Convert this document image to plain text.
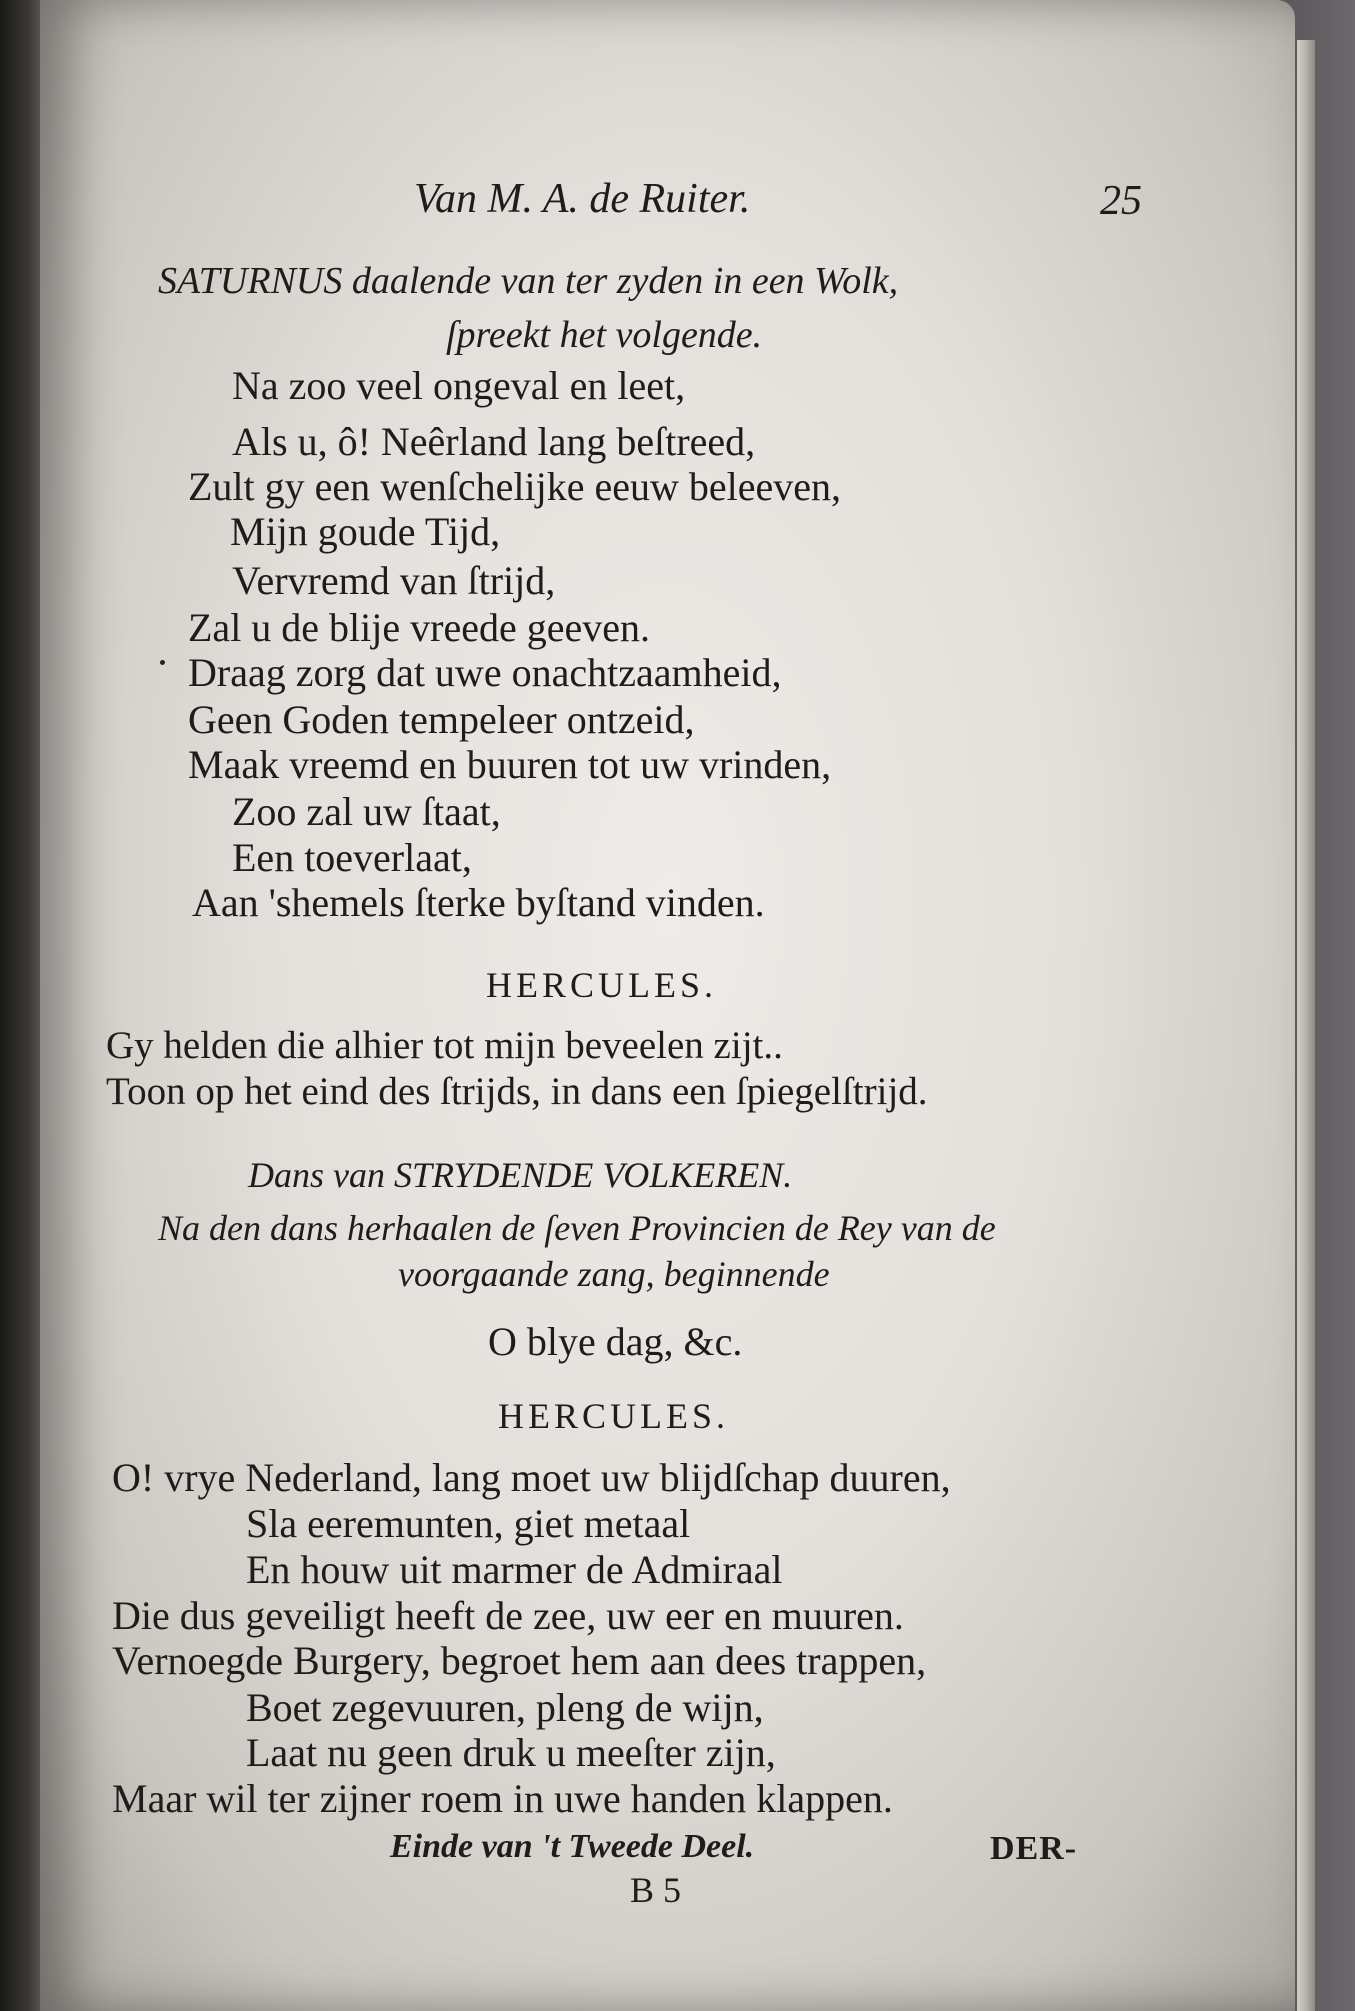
Van M. A. de Ruiter.	25
SATURNUS daalende van ter zyden in een Wolk,
ſpreekt het volgende.
Na zoo veel ongeval en leet,
Als u, ô! Neêrland lang beſtreed,
Zult gy een wenſchelijke eeuw beleeven,
Mijn goude Tijd,
Vervremd van ſtrijd,
Zal u de blije vreede geeven.
Draag zorg dat uwe onachtzaamheid,
Geen Goden tempeleer ontzeid,
Maak vreemd en buuren tot uw vrinden,
Zoo zal uw ſtaat,
Een toeverlaat,
Aan 'shemels ſterke byſtand vinden.
HERCULES.
Gy helden die alhier tot mijn beveelen zijt..
Toon op het eind des ſtrijds, in dans een ſpiegelſtrijd.
Dans van STRYDENDE VOLKEREN.
Na den dans herhaalen de ſeven Provincien de Rey van de
voorgaande zang, beginnende
O blye dag, &c.
HERCULES.
O! vrye Nederland, lang moet uw blijdſchap duuren,
Sla eeremunten, giet metaal
En houw uit marmer de Admiraal
Die dus geveiligt heeft de zee, uw eer en muuren.
Vernoegde Burgery, begroet hem aan dees trappen,
Boet zegevuuren, pleng de wijn,
Laat nu geen druk u meeſter zijn,
Maar wil ter zijner roem in uwe handen klappen.
Einde van 't Tweede Deel.
B 5
DER-
